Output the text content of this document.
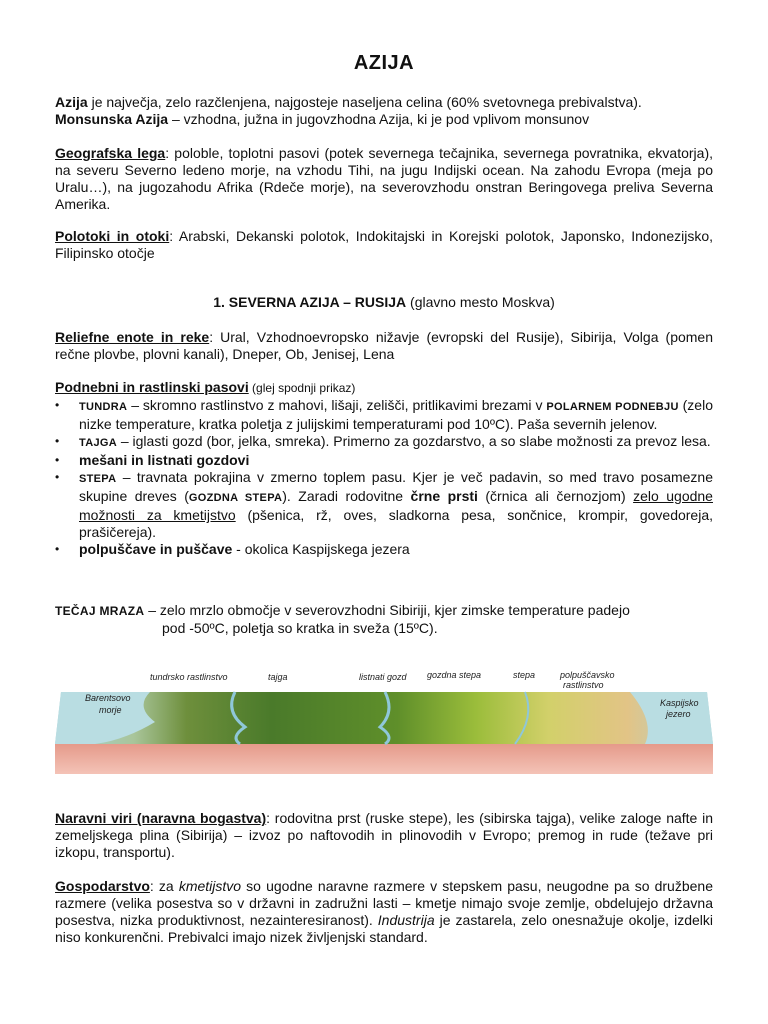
AZIJA
Azija je največja, zelo razčlenjena, najgosteje naseljena celina (60% svetovnega prebivalstva).
Monsunska Azija – vzhodna, južna in jugovzhodna Azija, ki je pod vplivom monsunov
Geografska lega: poloble, toplotni pasovi (potek severnega tečajnika, severnega povratnika, ekvatorja), na severu Severno ledeno morje, na vzhodu Tihi, na jugu Indijski ocean. Na zahodu Evropa (meja po Uralu…), na jugozahodu Afrika (Rdeče morje), na severovzhodu onstran Beringovega preliva Severna Amerika.
Polotoki in otoki: Arabski, Dekanski polotok, Indokitajski in Korejski polotok, Japonsko, Indonezijsko, Filipinsko otočje
1. SEVERNA AZIJA – RUSIJA (glavno mesto Moskva)
Reliefne enote in reke: Ural, Vzhodnoevropsko nižavje (evropski del Rusije), Sibirija, Volga (pomen rečne plovbe, plovni kanali), Dneper, Ob, Jenisej, Lena
Podnebni in rastlinski pasovi (glej spodnji prikaz)
•	TUNDRA – skromno rastlinstvo z mahovi, lišaji, zelišči, pritlikavimi brezami v POLARNEM PODNEBJU (zelo nizke temperature, kratka poletja z julijskimi temperaturami pod 10ºC). Paša severnih jelenov.
•	TAJGA – iglasti gozd (bor, jelka, smreka). Primerno za gozdarstvo, a so slabe možnosti za prevoz lesa.
•	mešani in listnati gozdovi
•	STEPA – travnata pokrajina v zmerno toplem pasu. Kjer je več padavin, so med travo posamezne skupine dreves (GOZDNA STEPA). Zaradi rodovitne črne prsti (črnica ali černozjom) zelo ugodne možnosti za kmetijstvo (pšenica, rž, oves, sladkorna pesa, sončnice, krompir, govedoreja, prašičereja).
•	polpuščave in puščave - okolica Kaspijskega jezera
TEČAJ MRAZA – zelo mrzlo območje v severovzhodni Sibiriji, kjer zimske temperature padejo
pod -50ºC, poletja so kratka in sveža (15ºC).
tundrsko rastlinstvo	tajga	listnati gozd gozdna stepa	stepa	polpuščavsko
rastlinstvo
Barentsovo
morje
Kaspijsko
jezero
Naravni viri (naravna bogastva): rodovitna prst (ruske stepe), les (sibirska tajga), velike zaloge nafte in zemeljskega plina (Sibirija) – izvoz po naftovodih in plinovodih v Evropo; premog in rude (težave pri izkopu, transportu).
Gospodarstvo: za kmetijstvo so ugodne naravne razmere v stepskem pasu, neugodne pa so družbene razmere (velika posestva so v državni in zadružni lasti – kmetje nimajo svoje zemlje, obdelujejo državna posestva, nizka produktivnost, nezainteresiranost). Industrija je zastarela, zelo onesnažuje okolje, izdelki niso konkurenčni. Prebivalci imajo nizek življenjski standard.
